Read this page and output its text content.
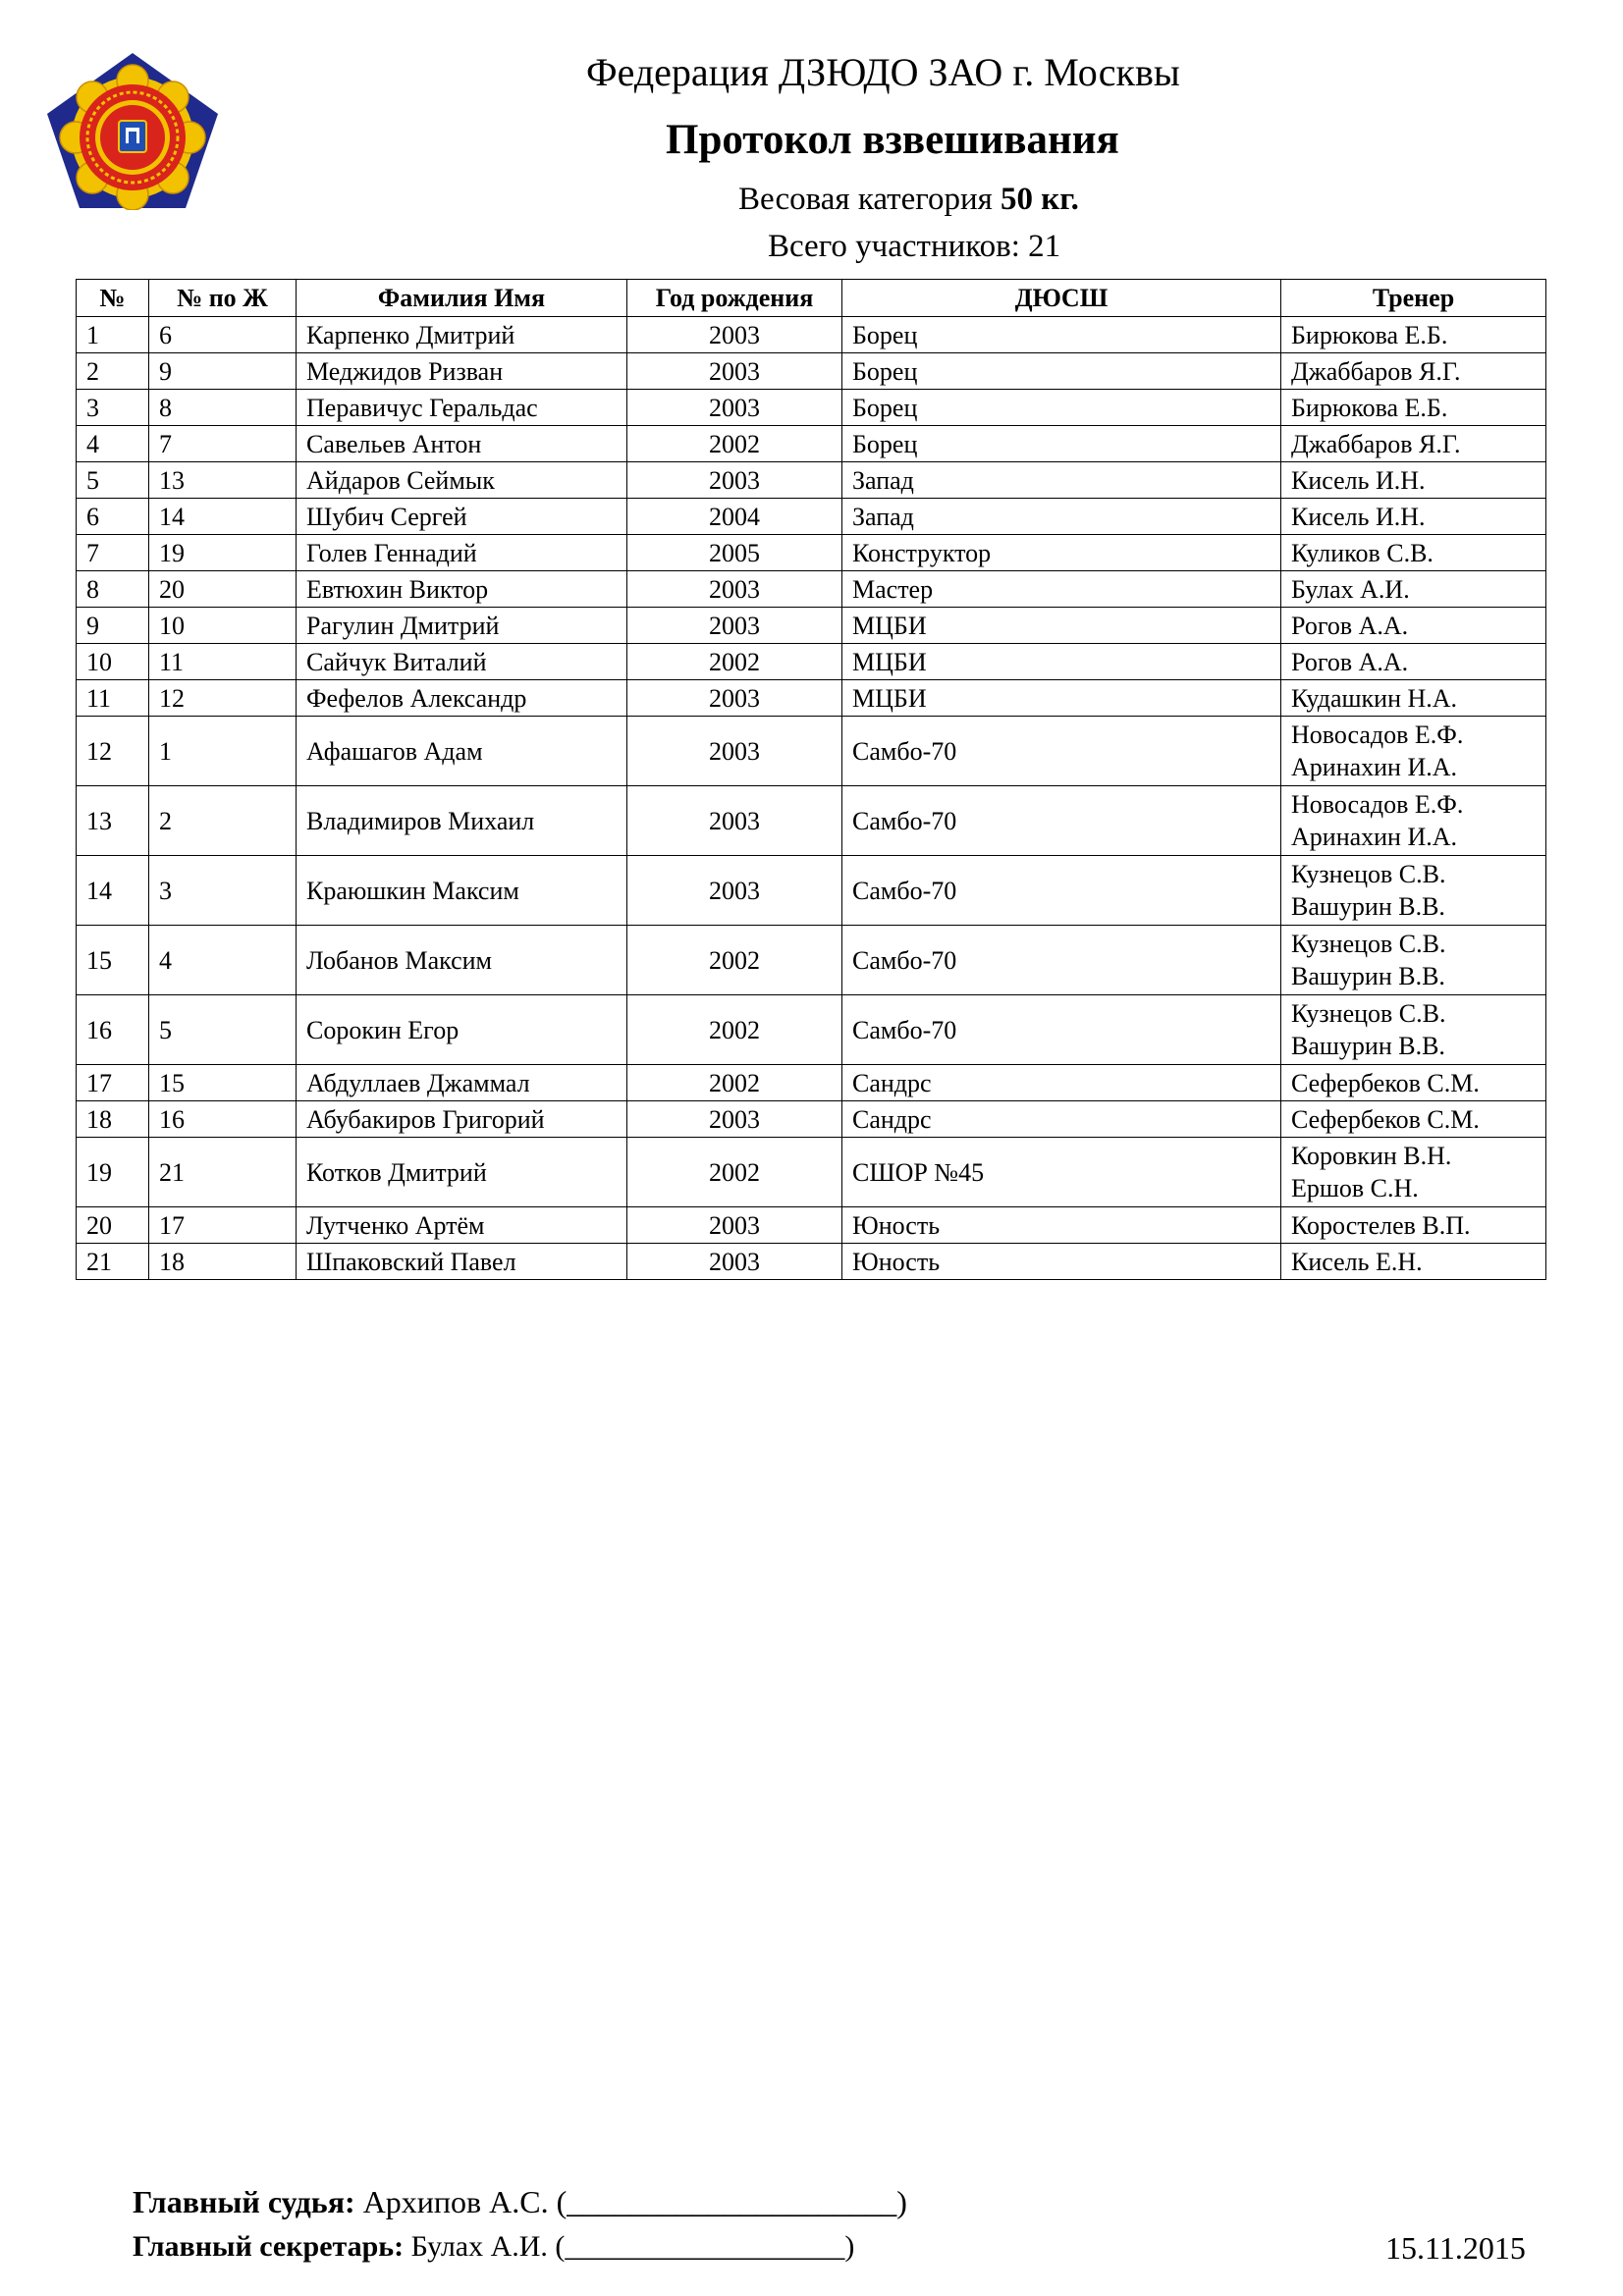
Федерация ДЗЮДО ЗАО г. Москвы
Протокол взвешивания
Весовая категория 50 кг.
Всего участников: 21
№	№ по Ж	Фамилия Имя	Год рождения	ДЮСШ	Тренер
1	6	Карпенко Дмитрий	2003	Борец	Бирюкова Е.Б.

2	9	Меджидов Ризван	2003	Борец	Джаббаров Я.Г.

3	8	Перавичус Геральдас	2003	Борец	Бирюкова Е.Б.

4	7	Савельев Антон	2002	Борец	Джаббаров Я.Г.

5	13	Айдаров Сеймык	2003	Запад	Кисель И.Н.

6	14	Шубич Сергей	2004	Запад	Кисель И.Н.

7	19	Голев Геннадий	2005	Конструктор	Куликов С.В.

8	20	Евтюхин Виктор	2003	Мастер	Булах А.И.

9	10	Рагулин Дмитрий	2003	МЦБИ	Рогов А.А.

10	11	Сайчук Виталий	2002	МЦБИ	Рогов А.А.

11	12	Фефелов Александр	2003	МЦБИ	Кудашкин Н.А.

12	1	Афашагов Адам	2003	Самбо-70	Новосадов Е.Ф.
Аринахин И.А.

13	2	Владимиров Михаил	2003	Самбо-70	Новосадов Е.Ф.
Аринахин И.А.

14	3	Краюшкин Максим	2003	Самбо-70	Кузнецов С.В.
Вашурин В.В.

15	4	Лобанов Максим	2002	Самбо-70	Кузнецов С.В.
Вашурин В.В.

16	5	Сорокин Егор	2002	Самбо-70	Кузнецов С.В.
Вашурин В.В.

17	15	Абдуллаев Джаммал	2002	Сандрс	Сефербеков С.М.

18	16	Абубакиров Григорий	2003	Сандрс	Сефербеков С.М.

19	21	Котков Дмитрий	2002	СШОР №45	Коровкин В.Н.
Ершов С.Н.

20	17	Лутченко Артём	2003	Юность	Коростелев В.П.

21	18	Шпаковский Павел	2003	Юность	Кисель Е.Н.
Главный судья: Архипов А.С. (_____________________)
Главный секретарь: Булах А.И. (___________________)	15.11.2015
